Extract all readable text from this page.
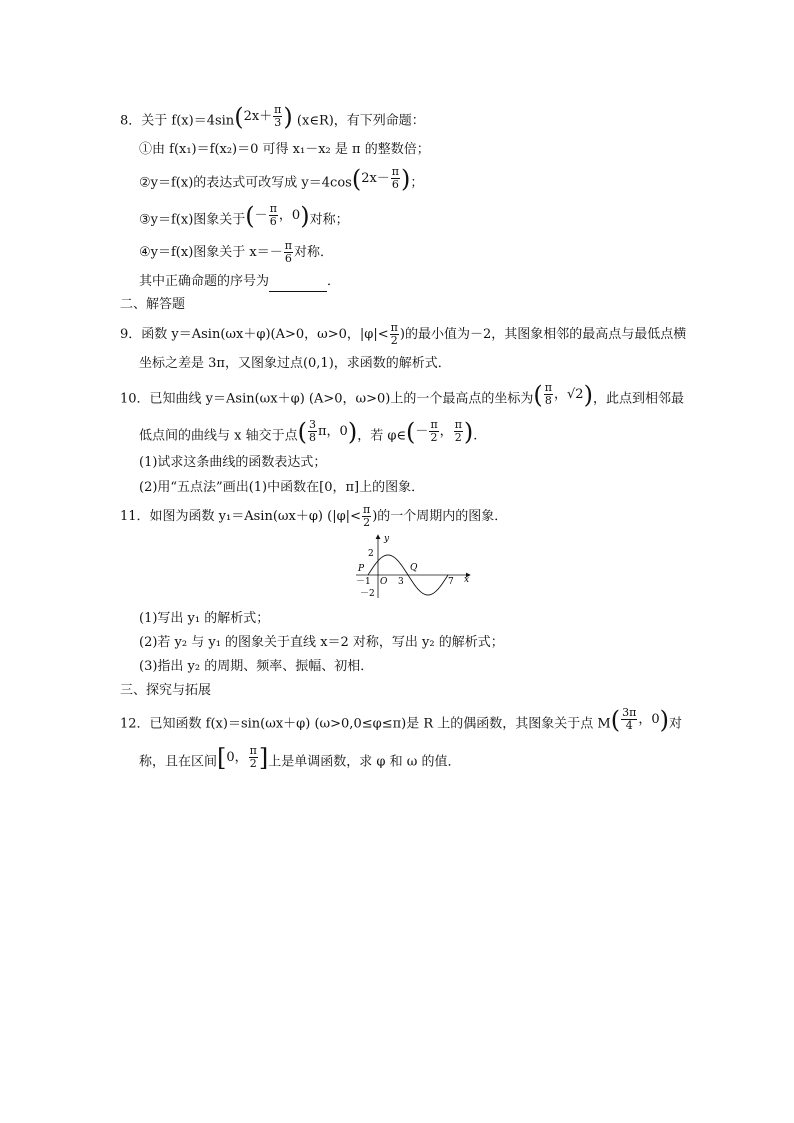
8．关于 f(x)＝4sin ( $2x+ \frac{\pi}{3}$ ) (x∈R)，有下列命题：
①由 f(x₁)＝f(x₂)＝0 可得 x₁－x₂ 是 π 的整数倍；
②y＝f(x)的表达式可改写成 y＝4cos ( $2x- \frac{\pi}{6}$ ) ；
③y＝f(x)图象关于 ( － $\frac{\pi}{6}$ ，0 ) 对称；
④y＝f(x)图象关于 $x=- \frac{\pi}{6}$ 对称．
其中正确命题的序号为	．
二、解答题
9．函数 y＝Asin(ωx＋φ)(A>0，ω>0，$|\varphi|< \frac{\pi}{2}$ )的最小值为－2，其图象相邻的最高点与最低点横
坐标之差是 3π，又图象过点(0,1)，求函数的解析式．
10．已知曲线 y＝Asin(ωx＋φ) (A>0，ω>0)上的一个最高点的坐标为 ( $\frac{\pi}{8}$ ，√2 ) ，此点到相邻最
低点间的曲线与 x 轴交于点 ( $\frac{3}{8}$ π，0 ) ，若 φ∈ ( － $\frac{\pi}{2}$ ， $\frac{\pi}{2}$ ) .
(1)试求这条曲线的函数表达式；
(2)用“五点法”画出(1)中函数在[0，π]上的图象．
11．如图为函数 y₁＝Asin(ωx＋φ) ($|\varphi|< \frac{\pi}{2}$ )的一个周期内的图象．
y
x
2
－2
－1 O 3	7
P	Q
(1)写出 y₁ 的解析式；
(2)若 y₂ 与 y₁ 的图象关于直线 x＝2 对称，写出 y₂ 的解析式；
(3)指出 y₂ 的周期、频率、振幅、初相．
三、探究与拓展
12．已知函数 f(x)＝sin(ωx＋φ) (ω>0,0≤φ≤π)是 R 上的偶函数，其图象关于点 M ( $\frac{3\pi}{4}$ ，0 ) 对
称，且在区间 [ 0， $\frac{\pi}{2}$ ] 上是单调函数，求 φ 和 ω 的值．
